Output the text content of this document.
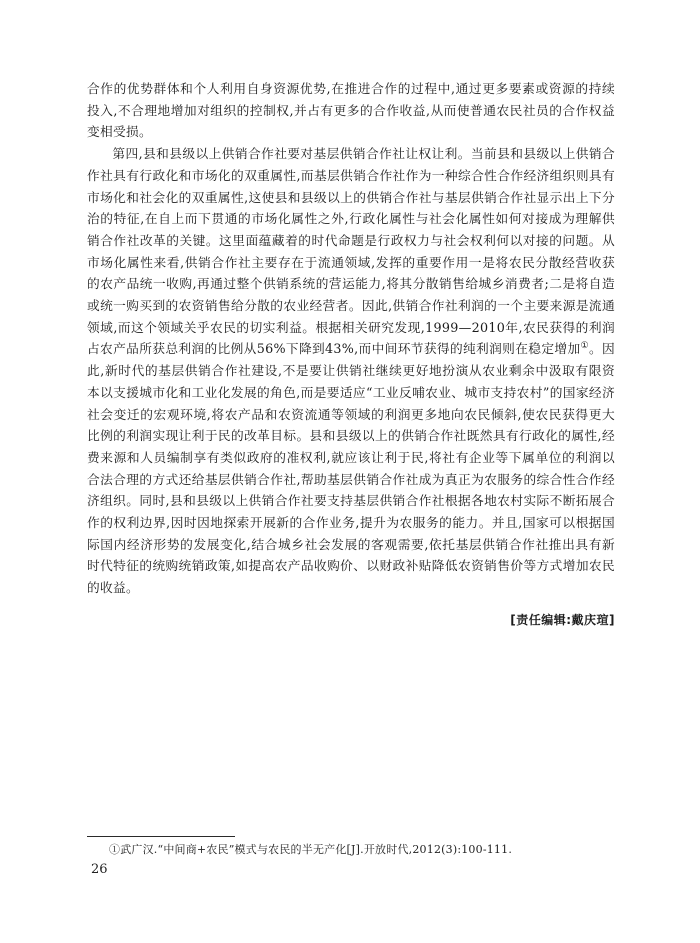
合作的优势群体和个人利用自身资源优势,在推进合作的过程中,通过更多要素或资源的持续投入,不合理地增加对组织的控制权,并占有更多的合作收益,从而使普通农民社员的合作权益变相受损。

第四,县和县级以上供销合作社要对基层供销合作社让权让利。当前县和县级以上供销合作社具有行政化和市场化的双重属性,而基层供销合作社作为一种综合性合作经济组织则具有市场化和社会化的双重属性,这使县和县级以上的供销合作社与基层供销合作社显示出上下分治的特征,在自上而下贯通的市场化属性之外,行政化属性与社会化属性如何对接成为理解供销合作社改革的关键。这里面蕴藏着的时代命题是行政权力与社会权利何以对接的问题。从市场化属性来看,供销合作社主要存在于流通领域,发挥的重要作用一是将农民分散经营收获的农产品统一收购,再通过整个供销系统的营运能力,将其分散销售给城乡消费者;二是将自造或统一购买到的农资销售给分散的农业经营者。因此,供销合作社利润的一个主要来源是流通领域,而这个领域关乎农民的切实利益。根据相关研究发现,1999—2010年,农民获得的利润占农产品所获总利润的比例从56%下降到43%,而中间环节获得的纯利润则在稳定增加①。因此,新时代的基层供销合作社建设,不是要让供销社继续更好地扮演从农业剩余中汲取有限资本以支援城市化和工业化发展的角色,而是要适应“工业反哺农业、城市支持农村”的国家经济社会变迁的宏观环境,将农产品和农资流通等领域的利润更多地向农民倾斜,使农民获得更大比例的利润实现让利于民的改革目标。县和县级以上的供销合作社既然具有行政化的属性,经费来源和人员编制享有类似政府的准权利,就应该让利于民,将社有企业等下属单位的利润以合法合理的方式还给基层供销合作社,帮助基层供销合作社成为真正为农服务的综合性合作经济组织。同时,县和县级以上供销合作社要支持基层供销合作社根据各地农村实际不断拓展合作的权利边界,因时因地探索开展新的合作业务,提升为农服务的能力。并且,国家可以根据国际国内经济形势的发展变化,结合城乡社会发展的客观需要,依托基层供销合作社推出具有新时代特征的统购统销政策,如提高农产品收购价、以财政补贴降低农资销售价等方式增加农民的收益。

[责任编辑:戴庆瑄]

①武广汉.“中间商+农民”模式与农民的半无产化[J].开放时代,2012(3):100-111.

26
